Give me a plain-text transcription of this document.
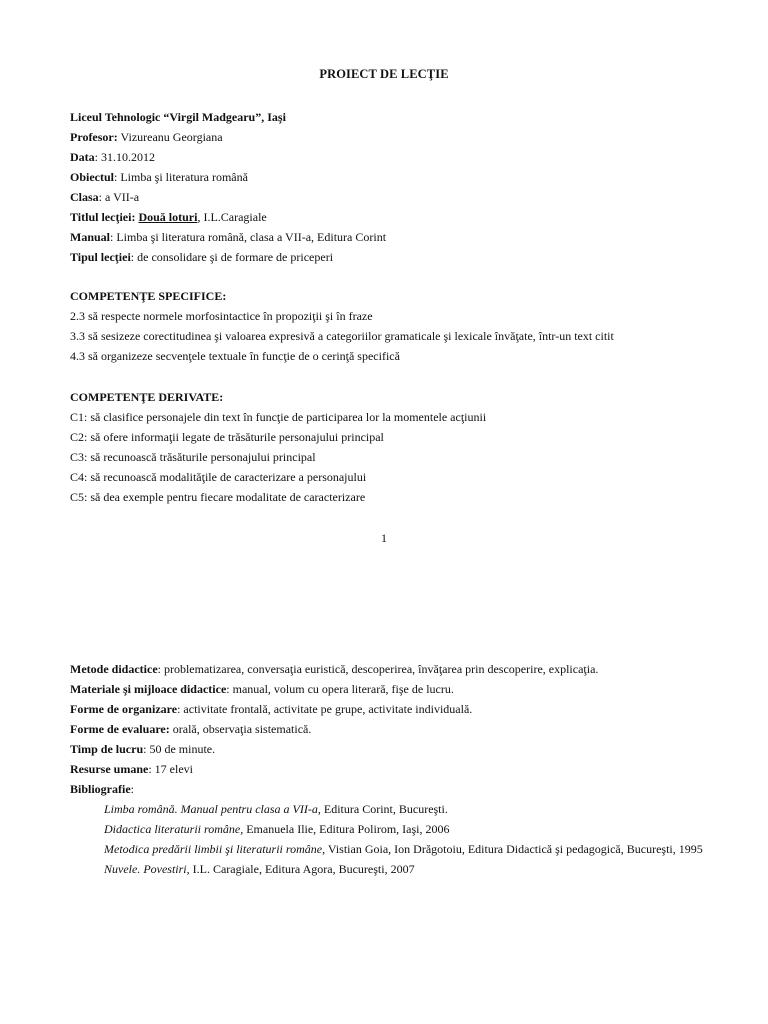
PROIECT DE LECŢIE
Liceul Tehnologic “Virgil Madgearu”, Iaşi
Profesor: Vizureanu Georgiana
Data: 31.10.2012
Obiectul: Limba şi literatura română
Clasa: a VII-a
Titlul lecţiei: Două loturi, I.L.Caragiale
Manual: Limba şi literatura română, clasa a VII-a, Editura Corint
Tipul lecţiei: de consolidare şi de formare de priceperi
COMPETENŢE SPECIFICE:
2.3 să respecte normele morfosintactice în propoziţii şi în fraze
3.3 să sesizeze corectitudinea şi valoarea expresivă a categoriilor gramaticale şi lexicale învăţate, într-un text citit
4.3 să organizeze secvenţele textuale în funcţie de o cerinţă specifică
COMPETENŢE DERIVATE:
C1: să clasifice personajele din text în funcţie de participarea lor la momentele acţiunii
C2: să ofere informaţii legate de trăsăturile personajului principal
C3: să recunoască trăsăturile personajului principal
C4: să recunoască modalităţile de caracterizare a personajului
C5: să dea exemple pentru fiecare modalitate de caracterizare
1
Metode didactice: problematizarea, conversaţia euristică, descoperirea, învăţarea prin descoperire, explicaţia.
Materiale şi mijloace didactice: manual, volum cu opera literară, fişe de lucru.
Forme de organizare: activitate frontală, activitate pe grupe, activitate individuală.
Forme de evaluare: orală, observaţia sistematică.
Timp de lucru: 50 de minute.
Resurse umane: 17 elevi
Bibliografie:
Limba română. Manual pentru clasa a VII-a, Editura Corint, Bucureşti.
Didactica literaturii române, Emanuela Ilie, Editura Polirom, Iaşi, 2006
Metodica predării limbii şi literaturii române, Vistian Goia, Ion Drăgotoiu, Editura Didactică şi pedagogică, Bucureşti, 1995
Nuvele. Povestiri, I.L. Caragiale, Editura Agora, Bucureşti, 2007
